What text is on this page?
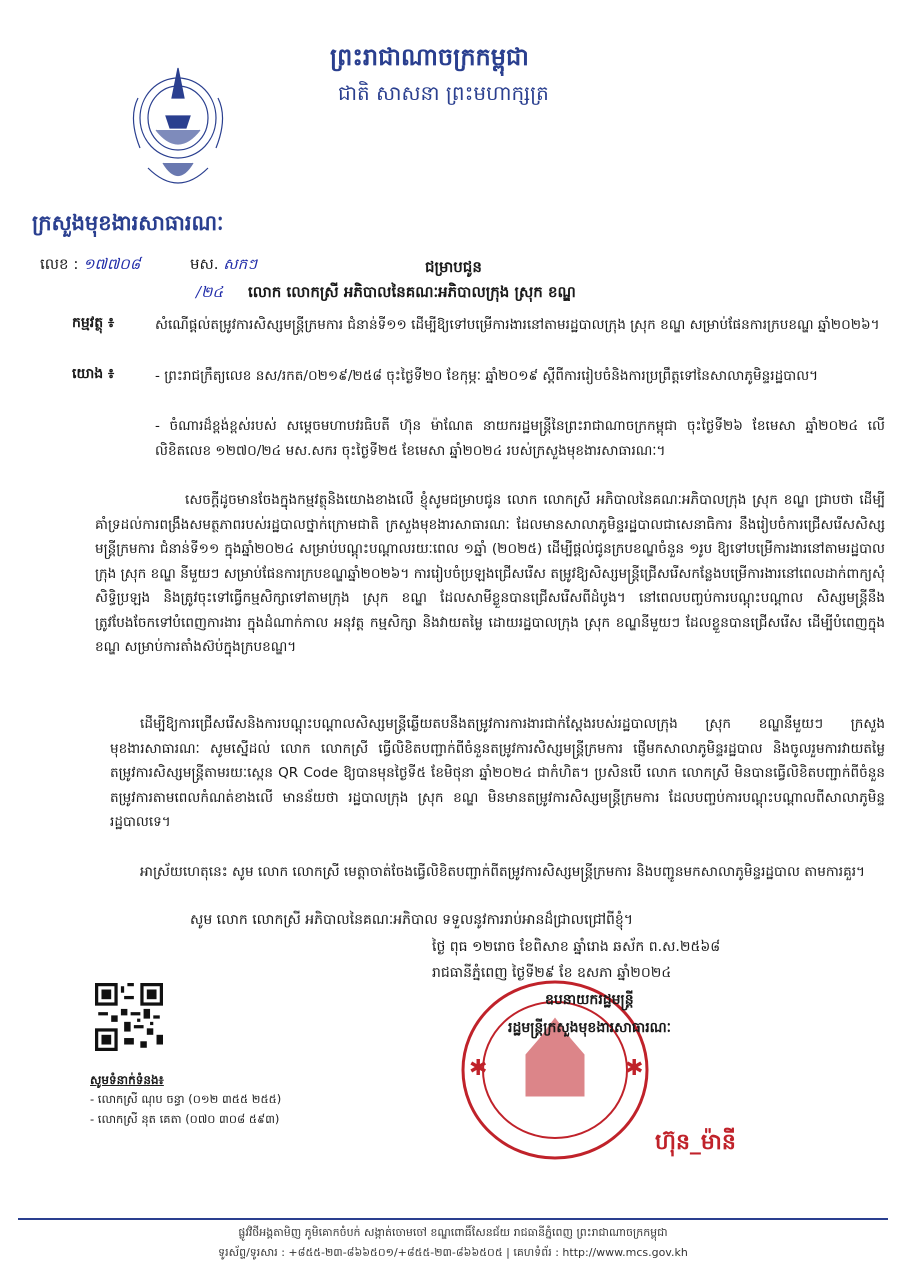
ព្រះរាជាណាចក្រកម្ពុជា
ជាតិ សាសនា ព្រះមហាក្សត្រ
ក្រសួងមុខងារសាធារណៈ
លេខ : ១៧៧០៨	មស. សកៗ
/២៤
ជម្រាបជូន
លោក លោកស្រី អភិបាលនៃគណៈអភិបាលក្រុង ស្រុក ខណ្ឌ
កម្មវត្ថុ ៖	សំណើផ្ដល់តម្រូវការសិស្សមន្ត្រីក្រមការ ជំនាន់ទី១១ ដើម្បីឱ្យទៅបម្រើការងារនៅតាមរដ្ឋបាលក្រុង ស្រុក ខណ្ឌ សម្រាប់ផែនការក្របខណ្ឌ ឆ្នាំ២០២៦។
យោង ៖	- ព្រះរាជក្រឹត្យលេខ នស/រកត/០២១៩/២៥៨ ចុះថ្ងៃទី២០ ខែកុម្ភៈ ឆ្នាំ២០១៩ ស្ដីពីការរៀបចំនិងការប្រព្រឹត្តទៅនៃសាលាភូមិន្ទរដ្ឋបាល។
- ចំណារដ៏ខ្ពង់ខ្ពស់របស់ សម្ដេចមហាបវរធិបតី ហ៊ុន ម៉ាណែត នាយករដ្ឋមន្ត្រីនៃព្រះរាជាណាចក្រកម្ពុជា ចុះថ្ងៃទី២៦ ខែមេសា ឆ្នាំ២០២៤ លើលិខិតលេខ ១២៧០/២៤ មស.សករ ចុះថ្ងៃទី២៥ ខែមេសា ឆ្នាំ២០២៤ របស់ក្រសួងមុខងារសាធារណៈ។
សេចក្ដីដូចមានចែងក្នុងកម្មវត្ថុនិងយោងខាងលើ ខ្ញុំសូមជម្រាបជូន លោក លោកស្រី អភិបាលនៃគណៈអភិបាលក្រុង ស្រុក ខណ្ឌ ជ្រាបថា ដើម្បីគាំទ្រដល់ការពង្រឹងសមត្ថភាពរបស់រដ្ឋបាលថ្នាក់ក្រោមជាតិ ក្រសួងមុខងារសាធារណៈ ដែលមានសាលាភូមិន្ទរដ្ឋបាលជាសេនាធិការ នឹងរៀបចំការជ្រើសរើសសិស្សមន្ត្រីក្រមការ ជំនាន់ទី១១ ក្នុងឆ្នាំ២០២៤ សម្រាប់បណ្ដុះបណ្ដាលរយៈពេល ១ឆ្នាំ (២០២៥) ដើម្បីផ្ដល់ជូនក្របខណ្ឌចំនួន ១រូប ឱ្យទៅបម្រើការងារនៅតាមរដ្ឋបាលក្រុង ស្រុក ខណ្ឌ នីមួយៗ សម្រាប់ផែនការក្របខណ្ឌឆ្នាំ២០២៦។ ការរៀបចំប្រឡងជ្រើសរើស តម្រូវឱ្យសិស្សមន្ត្រីជ្រើសរើសកន្លែងបម្រើការងារនៅពេលដាក់ពាក្យសុំសិទ្ធិប្រឡង និងត្រូវចុះទៅធ្វើកម្មសិក្សាទៅតាមក្រុង ស្រុក ខណ្ឌ ដែលសាមីខ្លួនបានជ្រើសរើសពីដំបូង។ នៅពេលបញ្ចប់ការបណ្ដុះបណ្ដាល សិស្សមន្ត្រីនឹងត្រូវបែងចែកទៅបំពេញការងារ ក្នុងដំណាក់កាល អនុវត្ត កម្មសិក្សា និងវាយតម្លៃ ដោយរដ្ឋបាលក្រុង ស្រុក ខណ្ឌនីមួយៗ ដែលខ្លួនបានជ្រើសរើស ដើម្បីបំពេញក្នុងខណ្ឌ សម្រាប់ការតាំងស៊ប់ក្នុងក្របខណ្ឌ។
ដើម្បីឱ្យការជ្រើសរើសនិងការបណ្ដុះបណ្ដាលសិស្សមន្ត្រីឆ្លើយតបនឹងតម្រូវការការងារជាក់ស្ដែងរបស់រដ្ឋបាលក្រុង ស្រុក ខណ្ឌនីមួយៗ ក្រសួងមុខងារសាធារណៈ សូមស្នើដល់ លោក លោកស្រី ធ្វើលិខិតបញ្ជាក់ពីចំនួនតម្រូវការសិស្សមន្ត្រីក្រមការ ផ្ញើមកសាលាភូមិន្ទរដ្ឋបាល និងចូលរួមការវាយតម្លៃតម្រូវការសិស្សមន្ត្រីតាមរយៈស្កេន QR Code ឱ្យបានមុនថ្ងៃទី៥ ខែមិថុនា ឆ្នាំ២០២៤ ជាកំហិត។ ប្រសិនបើ លោក លោកស្រី មិនបានធ្វើលិខិតបញ្ជាក់ពីចំនួនតម្រូវការតាមពេលកំណត់ខាងលើ មានន័យថា រដ្ឋបាលក្រុង ស្រុក ខណ្ឌ មិនមានតម្រូវការសិស្សមន្ត្រីក្រមការ ដែលបញ្ចប់ការបណ្ដុះបណ្ដាលពីសាលាភូមិន្ទរដ្ឋបាលទេ។
អាស្រ័យហេតុនេះ សូម លោក លោកស្រី មេត្តាចាត់ចែងធ្វើលិខិតបញ្ជាក់ពីតម្រូវការសិស្សមន្ត្រីក្រមការ និងបញ្ជូនមកសាលាភូមិន្ទរដ្ឋបាល តាមការគួរ។
សូម លោក លោកស្រី អភិបាលនៃគណៈអភិបាល ទទួលនូវការរាប់អានដ៏ជ្រាលជ្រៅពីខ្ញុំ។
ថ្ងៃ ពុធ ១២រោច ខែពិសាខ ឆ្នាំរោង ឆស័ក ព.ស.២៥៦៨
រាជធានីភ្នំពេញ ថ្ងៃទី២៩ ខែ ឧសភា ឆ្នាំ២០២៤
✱	✱
ឧបនាយករដ្ឋមន្ត្រី
រដ្ឋមន្ត្រីក្រសួងមុខងារសាធារណៈ
ហ៊ុន_ម៉ានី
សូមទំនាក់ទំនង៖
- លោកស្រី ណុប ចន្ធា (០១២ ៣៥៥ ២៥៥)
- លោកស្រី នុត គេតា (០៧០ ៣០៨ ៥៩៣)
ផ្លូវវិថីអង្គតាមិញ ភូមិគោកចំបក់ សង្កាត់ចោមចៅ ខណ្ឌពោធិ៍សែនជ័យ រាជធានីភ្នំពេញ ព្រះរាជាណាចក្រកម្ពុជា
ទូរស័ព្ទ/ទូរសារ : +៨៥៥-២៣-៨៦៦៥០១/+៨៥៥-២៣-៨៦៦៥០៥ | គេហទំព័រ : http://www.mcs.gov.kh
